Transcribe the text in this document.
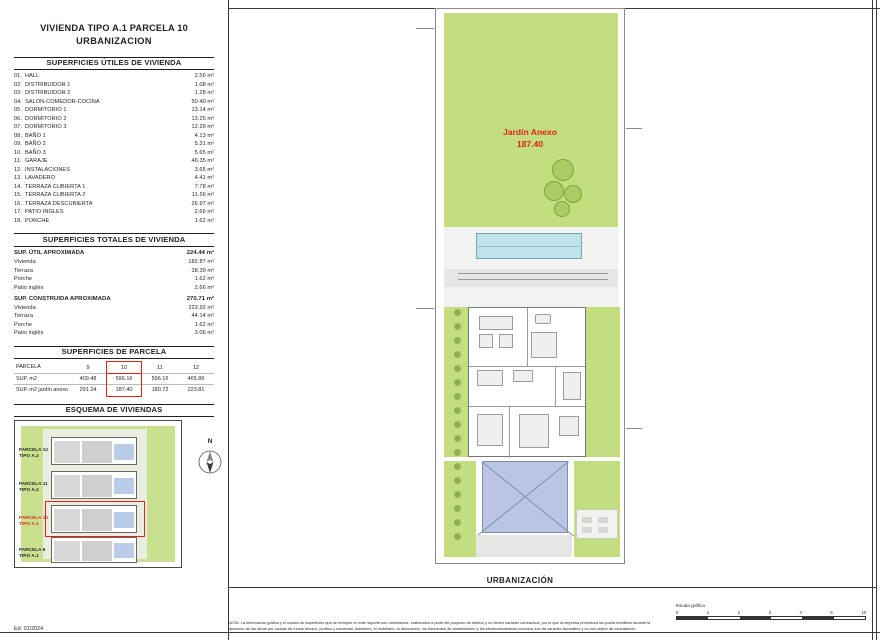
VIVIENDA TIPO A.1 PARCELA 10
URBANIZACION
SUPERFICIES ÚTILES DE VIVIENDA
01. HALL	2.56 m²
02. DISTRIBUIDOR 1	1.08 m²
03. DISTRIBUIDOR 2	1.28 m²
04. SALON-COMEDOR-COCINA	50.40 m²
05. DORMITORIO 1	13.14 m²
06. DORMITORIO 2	13.25 m²
07. DORMITORIO 3	12.29 m²
08. BAÑO 1	4.13 m²
09. BAÑO 2	5.31 m²
10. BAÑO 3	5.65 m²
11. GARAJE	46.35 m²
12. INSTALACIONES	3.65 m²
13. LAVADERO	4.41 m²
14. TERRAZA CUBIERTA 1	7.78 m²
15. TERRAZA CUBIERTA 2	11.56 m²
16. TERRAZA DESCUBIERTA	26.97 m²
17. PATIO INGLES	2.66 m²
18. PORCHE	1.62 m²
SUPERFICIES TOTALES DE VIVIENDA
SUP. ÚTIL APROXIMADA	224.44 m²
Vivienda	182.87 m²
Terraza	38.39 m²
Porche	1.62 m²
Patio inglés	2.66 m²
SUP. CONSTRUIDA APROXIMADA	270.71 m²
Vivienda	223.92 m²
Terraza	44.14 m²
Porche	1.62 m²
Patio inglés	3.06 m²
SUPERFICIES DE PARCELA
PARCELA	9	10	11	12
SUP. m2	409.48	596.16	596.16	465.86
SUP. m2 jardín anexo	291.24	187.40	180.72	223.81
ESQUEMA DE VIVIENDAS
PARCELA 12
TIPO A.2
PARCELA 11
TIPO A.2
PARCELA 10
TIPO A.1
PARCELA 9
TIPO A.1
N
Ed. 01/2024
Jardín Anexo
187.40
URBANIZACIÓN
NOTA: La información gráfica y el cuadro de superficies que se incluyen en este soporte son orientativos, elaborados a partir del proyecto de edificio y no tienen carácter contractual, por lo que la empresa promotora los podrá modificar durante la ejecución de las obras por causas de índole técnico, jurídico y comercial. Asimismo, el mobiliario, la decoración, los elementos de ambientación y los electrodomésticos incluidos son de carácter decorativo y no son objeto de contratación.
Escala gráfica
0	1	2	3	4	5	10
